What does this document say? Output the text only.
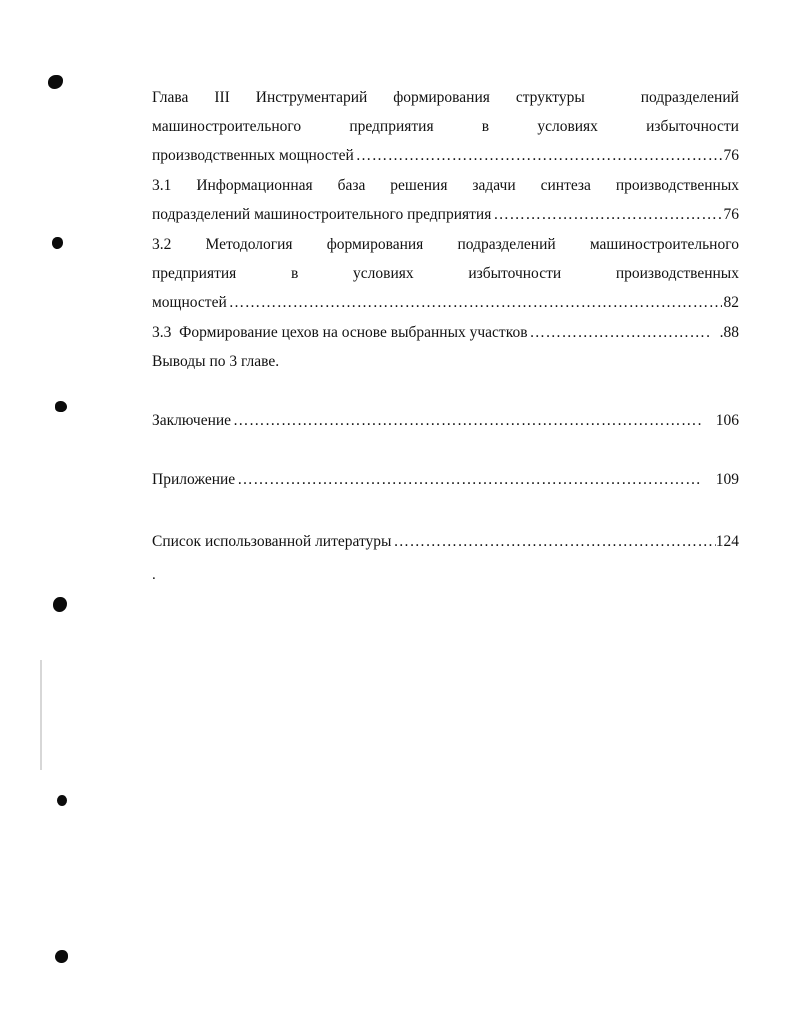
Глава III Инструментарий формирования структуры	подразделений
машиностроительного	предприятия	в	условиях	избыточности
производственных мощностей …………………………………………………………………………………………………………………………………………………………………………………………	76
3.1 Информационная база решения задачи синтеза производственных
подразделений машиностроительного предприятия …………………………………………………………………………………………………………………………………………………………………………………………	76
3.2 Методология формирования подразделений машиностроительного
предприятия	в	условиях	избыточности	производственных
мощностей …………………………………………………………………………………………………………………………………………………………………………………………	82
3.3  Формирование цехов на основе выбранных участков …………………………………………………………………………………………………………………………………………………………………………………………	.88
Выводы по 3 главе.
Заключение …………………………………………………………………………………………………………………………………………………………………………………………	106
Приложение …………………………………………………………………………………………………………………………………………………………………………………………	109
Список использованной литературы …………………………………………………………………………………………………………………………………………………………………………………………	124
.
